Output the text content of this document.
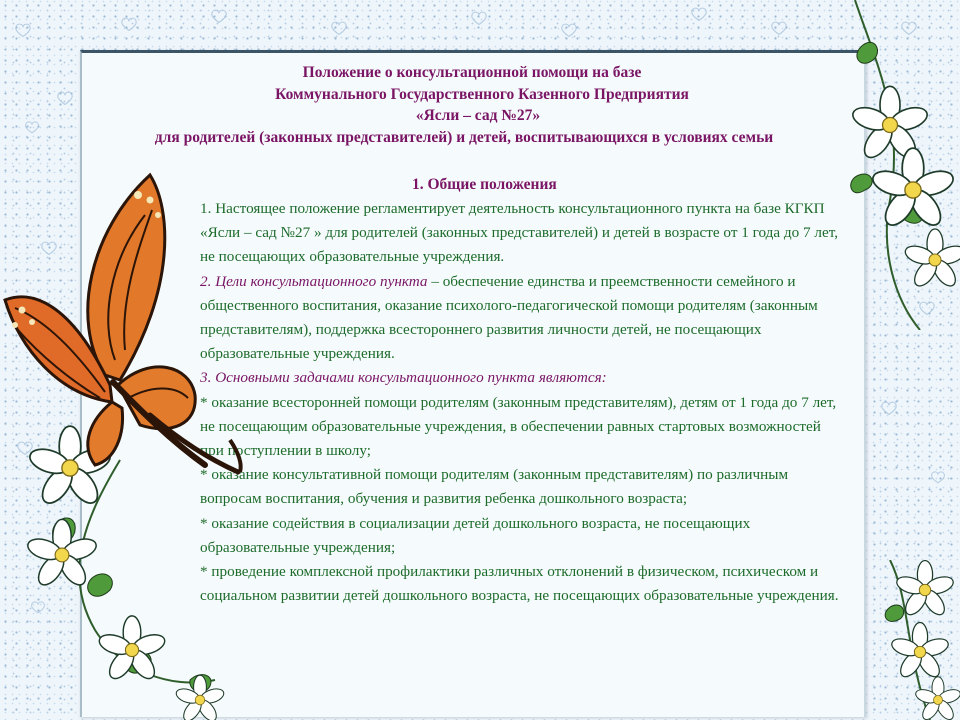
Положение о консультационной помощи на базе
Коммунального Государственного Казенного Предприятия
«Ясли – сад №27»
для родителей (законных представителей) и детей, воспитывающихся в условиях семьи
1. Общие положения

1. Настоящее положение регламентирует деятельность консультационного пункта на базе КГКП «Ясли – сад №27 » для родителей (законных представителей) и детей в возрасте от 1 года до 7 лет, не посещающих образовательные учреждения.

2. Цели консультационного пункта – обеспечение единства и преемственности семейного и общественного воспитания, оказание психолого-педагогической помощи родителям (законным представителям), поддержка всестороннего развития личности детей, не посещающих образовательные учреждения.

3. Основными задачами консультационного пункта являются:

* оказание всесторонней помощи родителям (законным представителям), детям от 1 года до 7 лет, не посещающим образовательные учреждения, в обеспечении равных стартовых возможностей при поступлении в школу;

* оказание консультативной помощи родителям (законным представителям) по различным вопросам воспитания, обучения и развития ребенка дошкольного возраста;

* оказание содействия в социализации детей дошкольного возраста, не посещающих образовательные учреждения;

* проведение комплексной профилактики различных отклонений в физическом, психическом и социальном развитии детей дошкольного возраста, не посещающих образовательные учреждения.
